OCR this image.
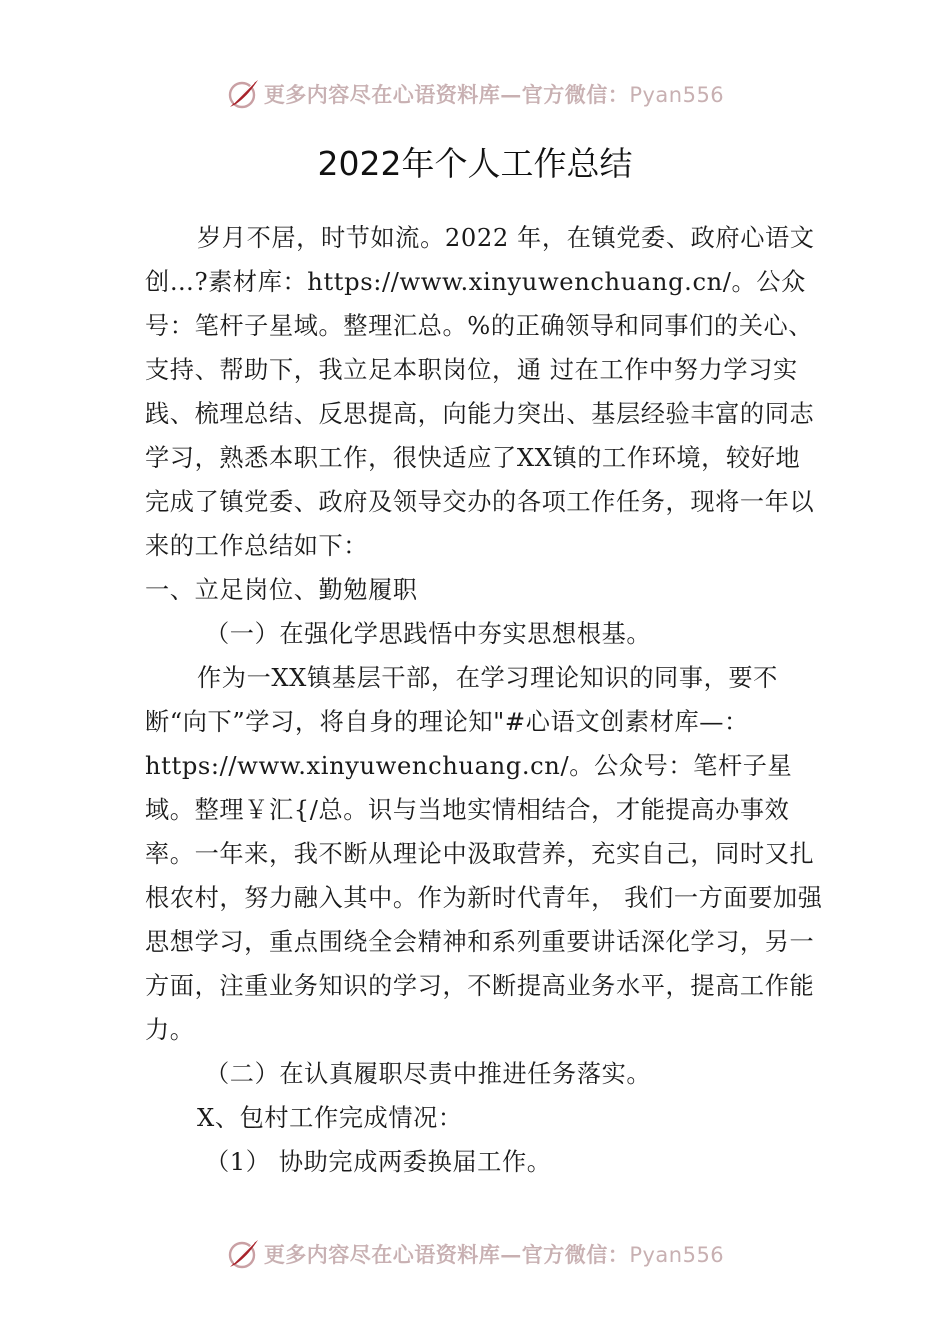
更多内容尽在心语资料库—官方微信：Pyan556
2022年个人工作总结

岁月不居，时节如流。2022 年，在镇党委、政府心语文创…?素材库：https://www.xinyuwenchuang.cn/。公众号：笔杆子星域。整理汇总。%的正确领导和同事们的关心、支持、帮助下，我立足本职岗位，通 过在工作中努力学习实践、梳理总结、反思提高，向能力突出、基层经验丰富的同志学习，熟悉本职工作，很快适应了XX镇的工作环境，较好地完成了镇党委、政府及领导交办的各项工作任务，现将一年以来的工作总结如下：

一、立足岗位、勤勉履职

（一）在强化学思践悟中夯实思想根基。

作为一XX镇基层干部，在学习理论知识的同事，要不断“向下”学习，将自身的理论知"#心语文创素材库—：https://www.xinyuwenchuang.cn/。公众号：笔杆子星域。整理￥汇{/总。识与当地实情相结合，才能提高办事效率。一年来，我不断从理论中汲取营养，充实自己，同时又扎根农村，努力融入其中。作为新时代青年， 我们一方面要加强思想学习，重点围绕全会精神和系列重要讲话深化学习，另一方面，注重业务知识的学习，不断提高业务水平，提高工作能力。

（二）在认真履职尽责中推进任务落实。

X、包村工作完成情况：

（1） 协助完成两委换届工作。

更多内容尽在心语资料库—官方微信：Pyan556
